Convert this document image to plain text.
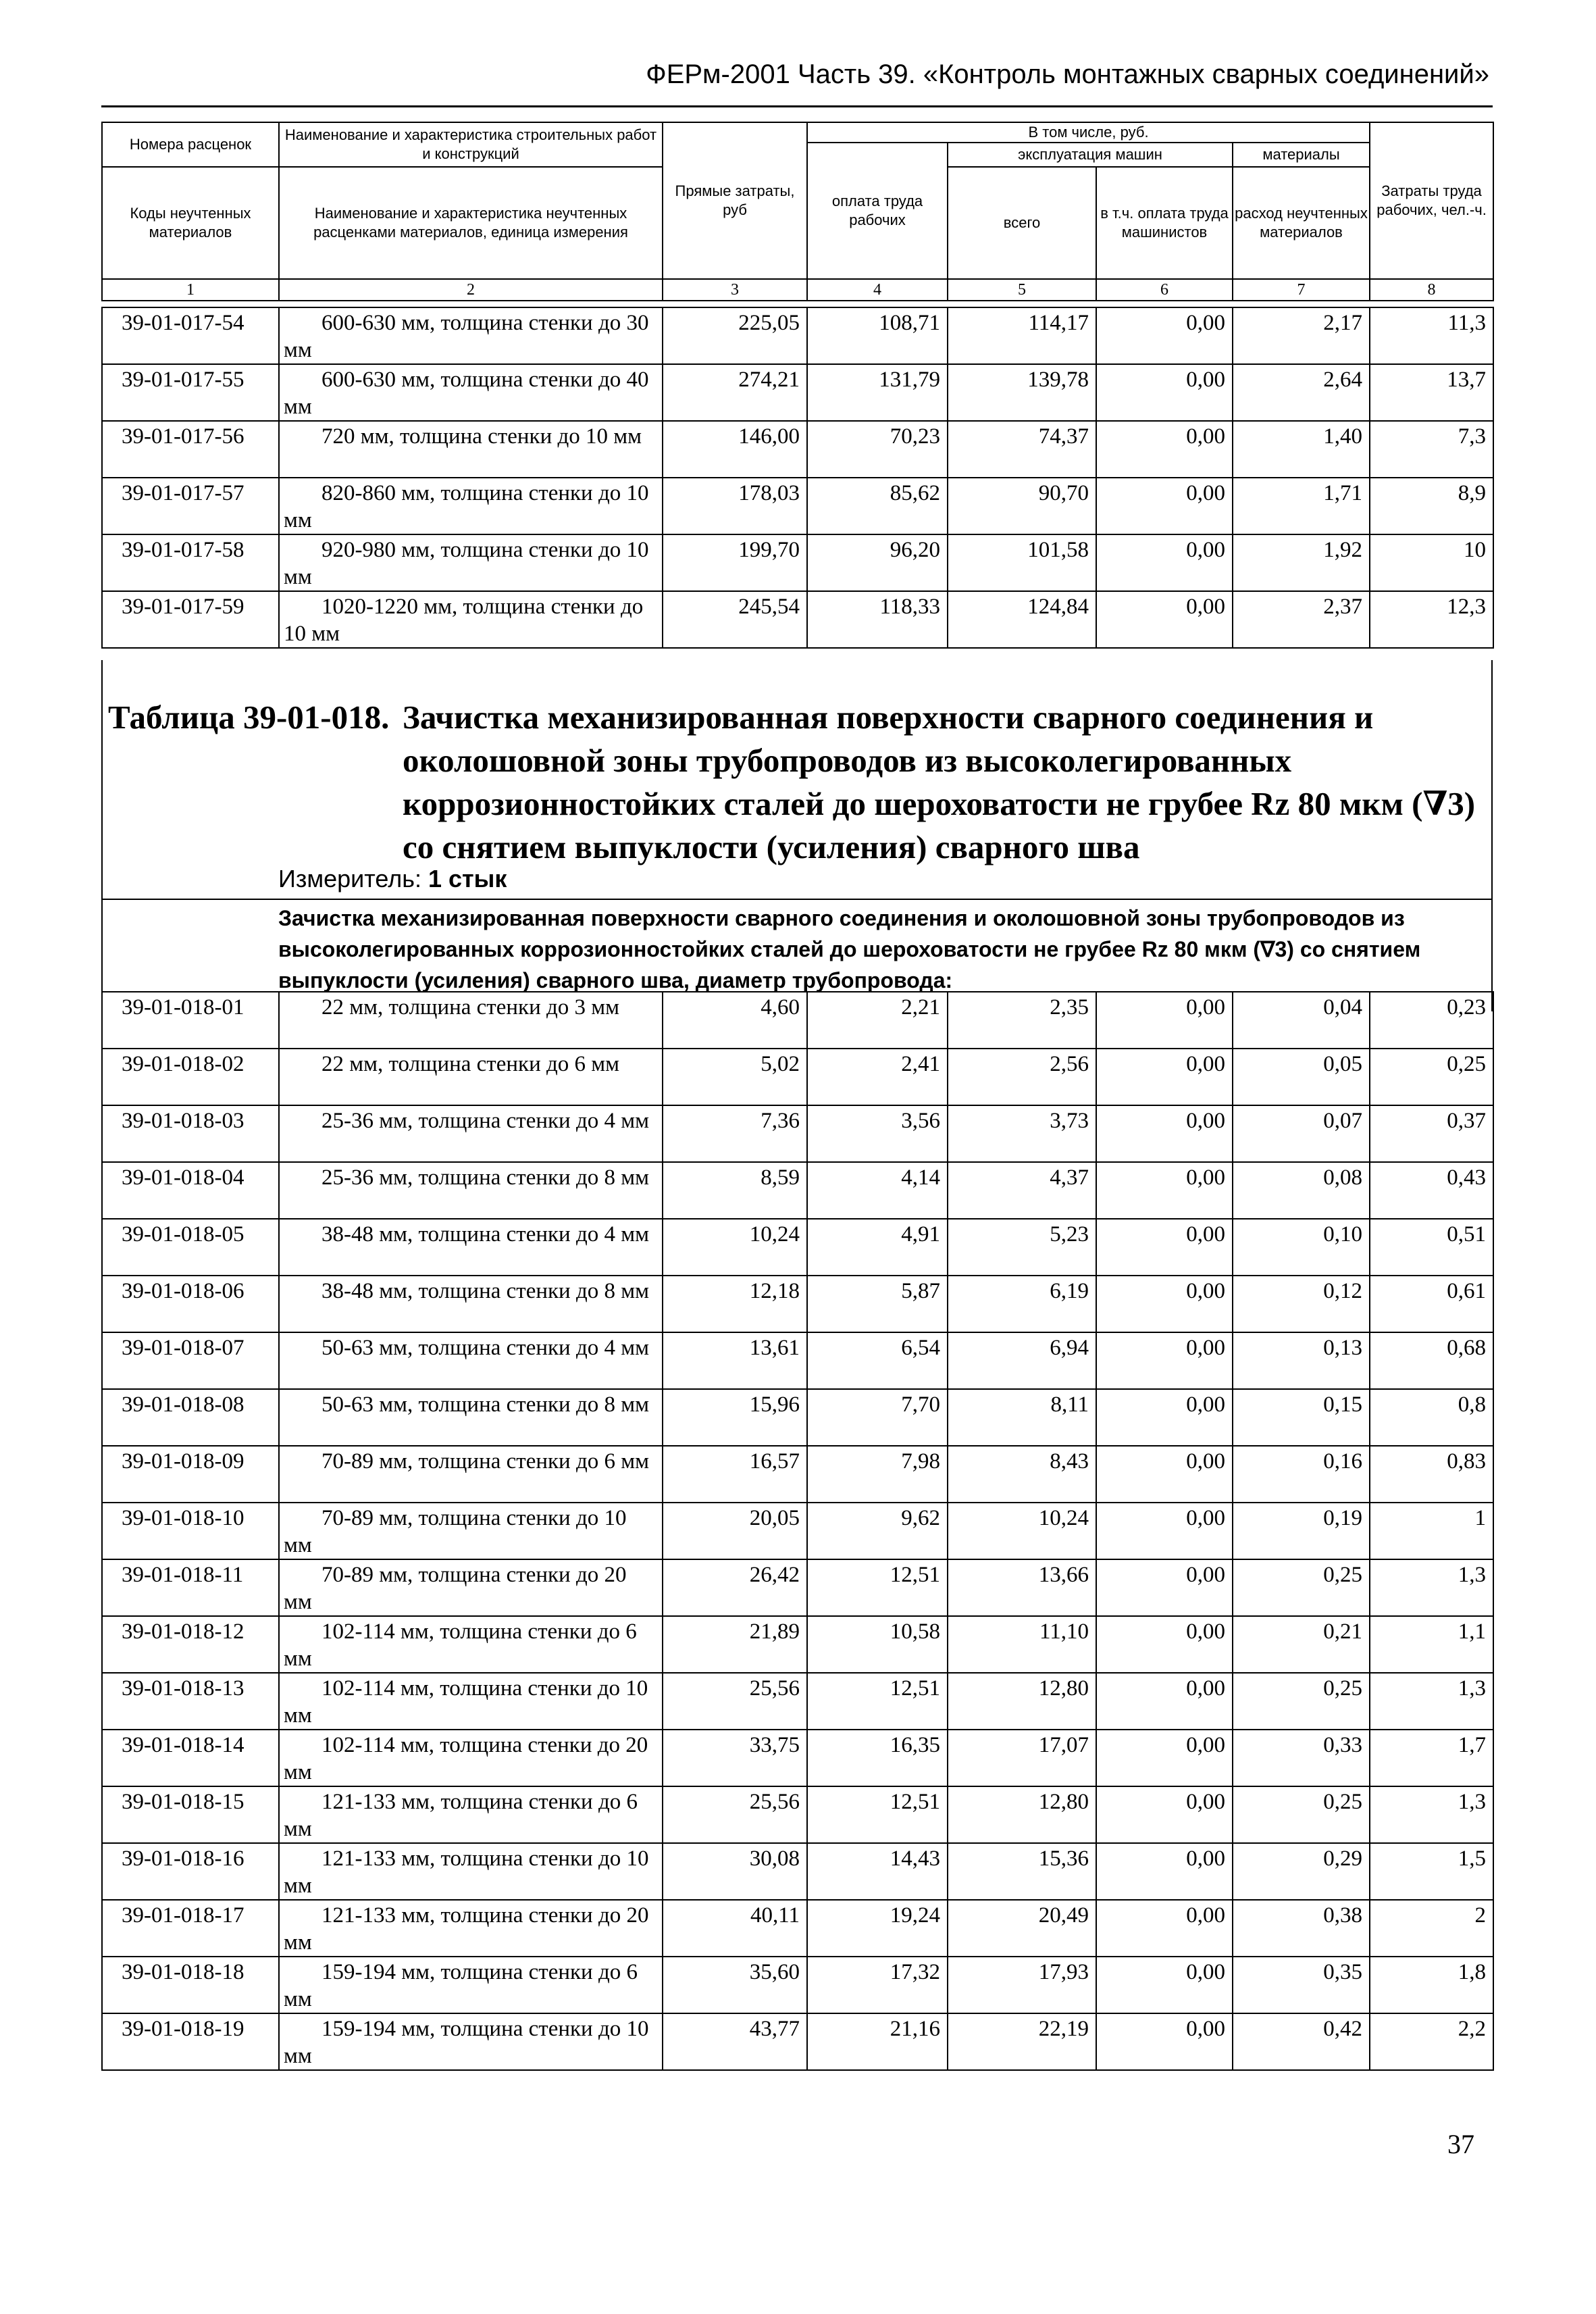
ФЕРм-2001 Часть 39. «Контроль монтажных сварных соединений»
Номера расценок	Наименование и характеристика строительных работ и конструкций	Прямые затраты, руб	В том числе, руб.				Затраты труда рабочих, чел.-ч.
			оплата труда рабочих	эксплуатация машин		материалы	
Коды неучтенных материалов	Наименование и характеристика неучтенных расценками материалов, единица измерения			всего	в т.ч. оплата труда машинистов	расход неучтенных материалов	

1	2	3	4	5	6	7	8
39-01-017-54	600-630 мм, толщина стенки до 30 мм	225,05	108,71	114,17	0,00	2,17	11,3
39-01-017-55	600-630 мм, толщина стенки до 40 мм	274,21	131,79	139,78	0,00	2,64	13,7
39-01-017-56	720 мм, толщина стенки до 10 мм	146,00	70,23	74,37	0,00	1,40	7,3
39-01-017-57	820-860 мм, толщина стенки до 10 мм	178,03	85,62	90,70	0,00	1,71	8,9
39-01-017-58	920-980 мм, толщина стенки до 10 мм	199,70	96,20	101,58	0,00	1,92	10
39-01-017-59	1020-1220 мм, толщина стенки до 10 мм	245,54	118,33	124,84	0,00	2,37	12,3
Таблица 39-01-018. Зачистка механизированная поверхности сварного соединения и околошовной зоны трубопроводов из высоколегированных коррозионностойких сталей до шероховатости не грубее Rz 80 мкм (∇3) со снятием выпуклости (усиления) сварного шва
Измеритель: 1 стык
Зачистка механизированная поверхности сварного соединения и околошовной зоны трубопроводов из высоколегированных коррозионностойких сталей до шероховатости не грубее Rz 80 мкм (∇3) со снятием выпуклости (усиления) сварного шва, диаметр трубопровода:
39-01-018-01	22 мм, толщина стенки до 3 мм	4,60	2,21	2,35	0,00	0,04	0,23
39-01-018-02	22 мм, толщина стенки до 6 мм	5,02	2,41	2,56	0,00	0,05	0,25
39-01-018-03	25-36 мм, толщина стенки до 4 мм	7,36	3,56	3,73	0,00	0,07	0,37
39-01-018-04	25-36 мм, толщина стенки до 8 мм	8,59	4,14	4,37	0,00	0,08	0,43
39-01-018-05	38-48 мм, толщина стенки до 4 мм	10,24	4,91	5,23	0,00	0,10	0,51
39-01-018-06	38-48 мм, толщина стенки до 8 мм	12,18	5,87	6,19	0,00	0,12	0,61
39-01-018-07	50-63 мм, толщина стенки до 4 мм	13,61	6,54	6,94	0,00	0,13	0,68
39-01-018-08	50-63 мм, толщина стенки до 8 мм	15,96	7,70	8,11	0,00	0,15	0,8
39-01-018-09	70-89 мм, толщина стенки до 6 мм	16,57	7,98	8,43	0,00	0,16	0,83
39-01-018-10	70-89 мм, толщина стенки до 10 мм	20,05	9,62	10,24	0,00	0,19	1
39-01-018-11	70-89 мм, толщина стенки до 20 мм	26,42	12,51	13,66	0,00	0,25	1,3
39-01-018-12	102-114 мм, толщина стенки до 6 мм	21,89	10,58	11,10	0,00	0,21	1,1
39-01-018-13	102-114 мм, толщина стенки до 10 мм	25,56	12,51	12,80	0,00	0,25	1,3
39-01-018-14	102-114 мм, толщина стенки до 20 мм	33,75	16,35	17,07	0,00	0,33	1,7
39-01-018-15	121-133 мм, толщина стенки до 6 мм	25,56	12,51	12,80	0,00	0,25	1,3
39-01-018-16	121-133 мм, толщина стенки до 10 мм	30,08	14,43	15,36	0,00	0,29	1,5
39-01-018-17	121-133 мм, толщина стенки до 20 мм	40,11	19,24	20,49	0,00	0,38	2
39-01-018-18	159-194 мм, толщина стенки до 6 мм	35,60	17,32	17,93	0,00	0,35	1,8
39-01-018-19	159-194 мм, толщина стенки до 10 мм	43,77	21,16	22,19	0,00	0,42	2,2
37
